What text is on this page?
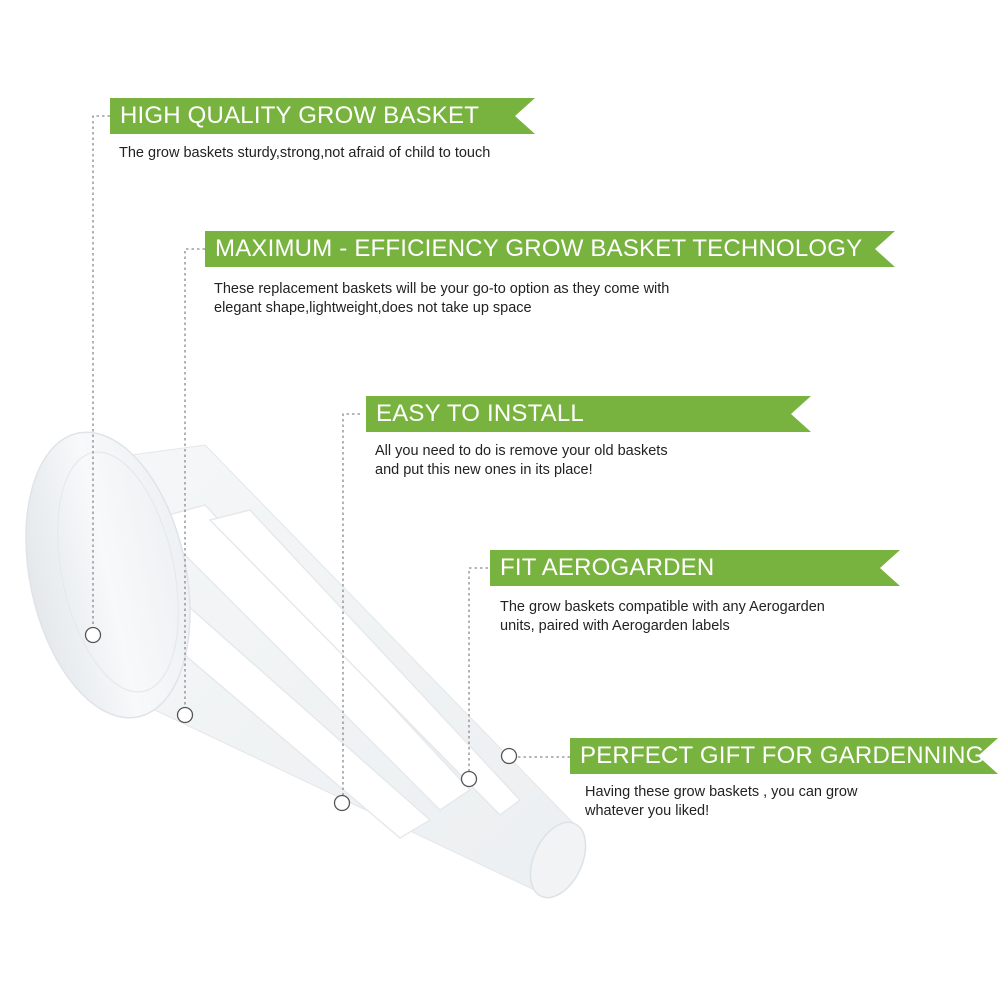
HIGH QUALITY GROW BASKET
The grow baskets sturdy,strong,not afraid of child to touch
MAXIMUM - EFFICIENCY GROW BASKET TECHNOLOGY
These replacement baskets will be your go-to option as they come with
elegant shape,lightweight,does not take up space
EASY TO INSTALL
All you need to do is remove your old baskets
and put this new ones in its place!
FIT AEROGARDEN
The grow baskets compatible with any Aerogarden
units, paired with Aerogarden labels
PERFECT GIFT FOR GARDENNING
Having these grow baskets , you can grow
whatever you liked!
